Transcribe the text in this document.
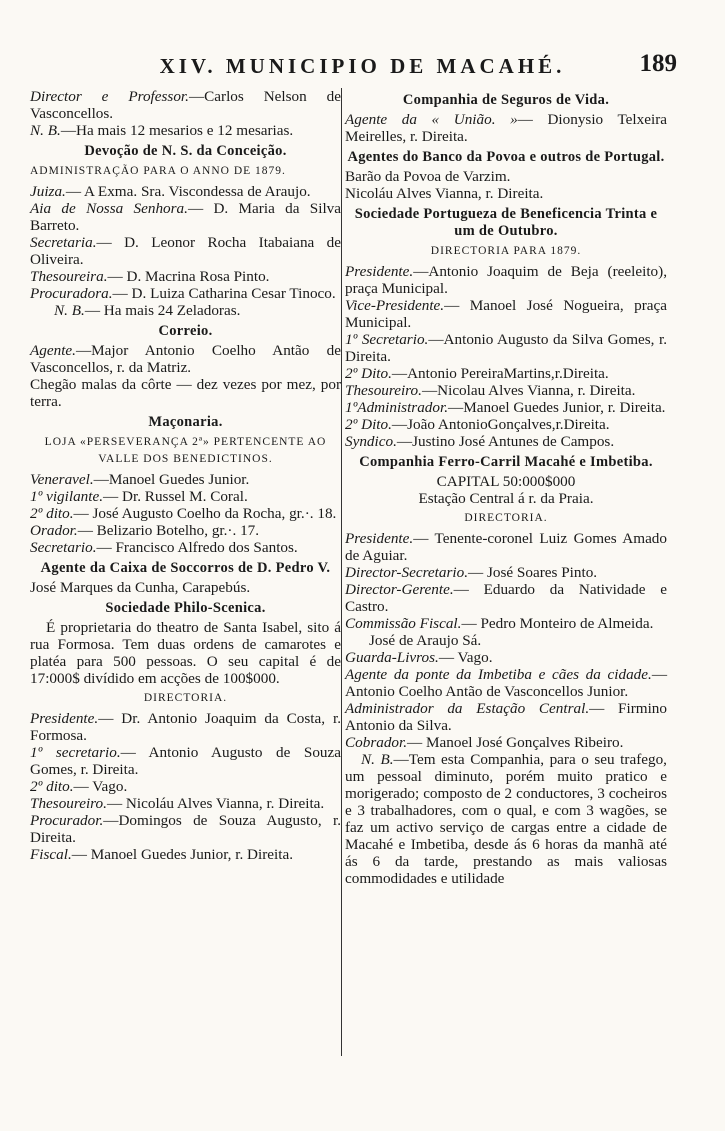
XIV. MUNICIPIO DE MACAHÉ.	189

Director e Professor.—Carlos Nelson de Vasconcellos.

N. B.—Ha mais 12 mesarios e 12 mesarias.

Devoção de N. S. da Conceição.
ADMINISTRAÇÃO PARA O ANNO DE 1879.

Juiza.— A Exma. Sra. Viscondessa de Araujo.

Aia de Nossa Senhora.— D. Maria da Silva Barreto.

Secretaria.— D. Leonor Rocha Itabaiana de Oliveira.

Thesoureira.— D. Macrina Rosa Pinto.

Procuradora.— D. Luiza Catharina Cesar Tinoco.

N. B.— Ha mais 24 Zeladoras.

Correio.

Agente.—Major Antonio Coelho Antão de Vasconcellos, r. da Matriz.

Chegão malas da côrte — dez vezes por mez, por terra.

Maçonaria.
LOJA «PERSEVERANÇA 2ª» PERTENCENTE AO VALLE DOS BENEDICTINOS.

Veneravel.—Manoel Guedes Junior.

1º vigilante.— Dr. Russel M. Coral.

2º dito.— José Augusto Coelho da Rocha, gr.·. 18.

Orador.— Belizario Botelho, gr.·. 17.

Secretario.— Francisco Alfredo dos Santos.

Agente da Caixa de Soccorros de D. Pedro V.

José Marques da Cunha, Carapebús.

Sociedade Philo-Scenica.

É proprietaria do theatro de Santa Isabel, sito á rua Formosa. Tem duas ordens de camarotes e platéa para 500 pessoas. O seu capital é de 17:000$ divídido em acções de 100$000.

DIRECTORIA.

Presidente.— Dr. Antonio Joaquim da Costa, r. Formosa.

1º secretario.— Antonio Augusto de Souza Gomes, r. Direita.

2º dito.— Vago.

Thesoureiro.— Nicoláu Alves Vianna, r. Direita.

Procurador.—Domingos de Souza Augusto, r. Direita.

Fiscal.— Manoel Guedes Junior, r. Direita.

Companhia de Seguros de Vida.

Agente da « União. »— Dionysio Telxeira Meirelles, r. Direita.

Agentes do Banco da Povoa e outros de Portugal.

Barão da Povoa de Varzim.

Nicoláu Alves Vianna, r. Direita.

Sociedade Portugueza de Beneficencia Trinta e um de Outubro.
DIRECTORIA PARA 1879.

Presidente.—Antonio Joaquim de Beja (reeleito), praça Municipal.

Vice-Presidente.— Manoel José Nogueira, praça Municipal.

1º Secretario.—Antonio Augusto da Silva Gomes, r. Direita.

2º Dito.—Antonio PereiraMartins,r.Direita.

Thesoureiro.—Nicolau Alves Vianna, r. Direita.

1ºAdministrador.—Manoel Guedes Junior, r. Direita.

2º Dito.—João AntonioGonçalves,r.Direita.

Syndico.—Justino José Antunes de Campos.

Companhia Ferro-Carril Macahé e Imbetiba.

CAPITAL 50:000$000

Estação Central á r. da Praia.

DIRECTORIA.

Presidente.— Tenente-coronel Luiz Gomes Amado de Aguiar.

Director-Secretario.— José Soares Pinto.

Director-Gerente.— Eduardo da Natividade e Castro.

Commissão Fiscal.— Pedro Monteiro de Almeida.

José de Araujo Sá.

Guarda-Livros.— Vago.

Agente da ponte da Imbetiba e cães da cidade.— Antonio Coelho Antão de Vasconcellos Junior.

Administrador da Estação Central.— Firmino Antonio da Silva.

Cobrador.— Manoel José Gonçalves Ribeiro.

N. B.—Tem esta Companhia, para o seu trafego, um pessoal diminuto, porém muito pratico e morigerado; composto de 2 conductores, 3 cocheiros e 3 trabalhadores, com o qual, e com 3 wagões, se faz um activo serviço de cargas entre a cidade de Macahé e Imbetiba, desde ás 6 horas da manhã até ás 6 da tarde, prestando as mais valiosas commodidades e utilidade
